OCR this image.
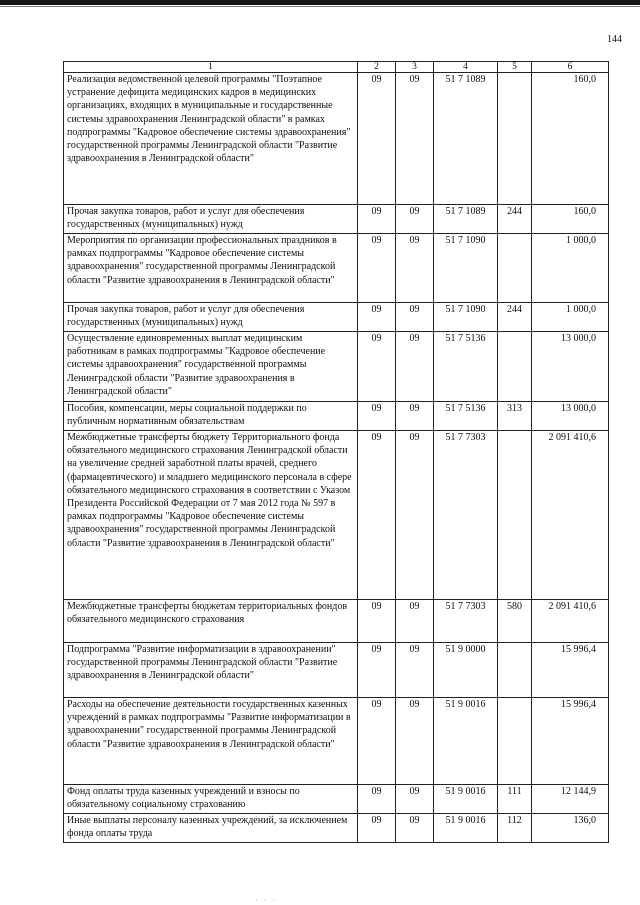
144
1	2	3	4	5	6
Реализация ведомственной целевой программы "Поэтапное устранение дефицита медицинских кадров в медицинских организациях, входящих в муниципальные и государственные системы здравоохранения Ленинградской области" в рамках подпрограммы "Кадровое обеспечение системы здравоохранения" государственной программы Ленинградской области "Развитие здравоохранения в Ленинградской области"	09	09	51 7 1089		160,0
Прочая закупка товаров, работ и услуг для обеспечения государственных (муниципальных) нужд	09	09	51 7 1089	244	160,0
Мероприятия по организации профессиональных праздников в рамках подпрограммы "Кадровое обеспечение системы здравоохранения" государственной программы Ленинградской области "Развитие здравоохранения в Ленинградской области"	09	09	51 7 1090		1 000,0
Прочая закупка товаров, работ и услуг для обеспечения государственных (муниципальных) нужд	09	09	51 7 1090	244	1 000,0
Осуществление единовременных выплат медицинским работникам в рамках подпрограммы "Кадровое обеспечение системы здравоохранения" государственной программы Ленинградской области "Развитие здравоохранения в Ленинградской области"	09	09	51 7 5136		13 000,0
Пособия, компенсации, меры социальной поддержки по публичным нормативным обязательствам	09	09	51 7 5136	313	13 000,0
Межбюджетные трансферты бюджету Территориального фонда обязательного медицинского страхования Ленинградской области на увеличение средней заработной платы врачей, среднего (фармацевтического) и младшего медицинского персонала в сфере обязательного медицинского страхования в соответствии с Указом Президента Российской Федерации от 7 мая 2012 года № 597 в рамках подпрограммы "Кадровое обеспечение системы здравоохранения" государственной программы Ленинградской области "Развитие здравоохранения в Ленинградской области"	09	09	51 7 7303		2 091 410,6
Межбюджетные трансферты бюджетам территориальных фондов обязательного медицинского страхования	09	09	51 7 7303	580	2 091 410,6
Подпрограмма "Развитие информатизации в здравоохранении" государственной программы Ленинградской области "Развитие здравоохранения в Ленинградской области"	09	09	51 9 0000		15 996,4
Расходы на обеспечение деятельности государственных казенных учреждений в рамках подпрограммы "Развитие информатизации в здравоохранении" государственной программы Ленинградской области "Развитие здравоохранения в Ленинградской области"	09	09	51 9 0016		15 996,4
Фонд оплаты труда казенных учреждений и взносы по обязательному социальному страхованию	09	09	51 9 0016	111	12 144,9
Иные выплаты персоналу казенных учреждений, за исключением фонда оплаты труда	09	09	51 9 0016	112	136,0
· · ·
